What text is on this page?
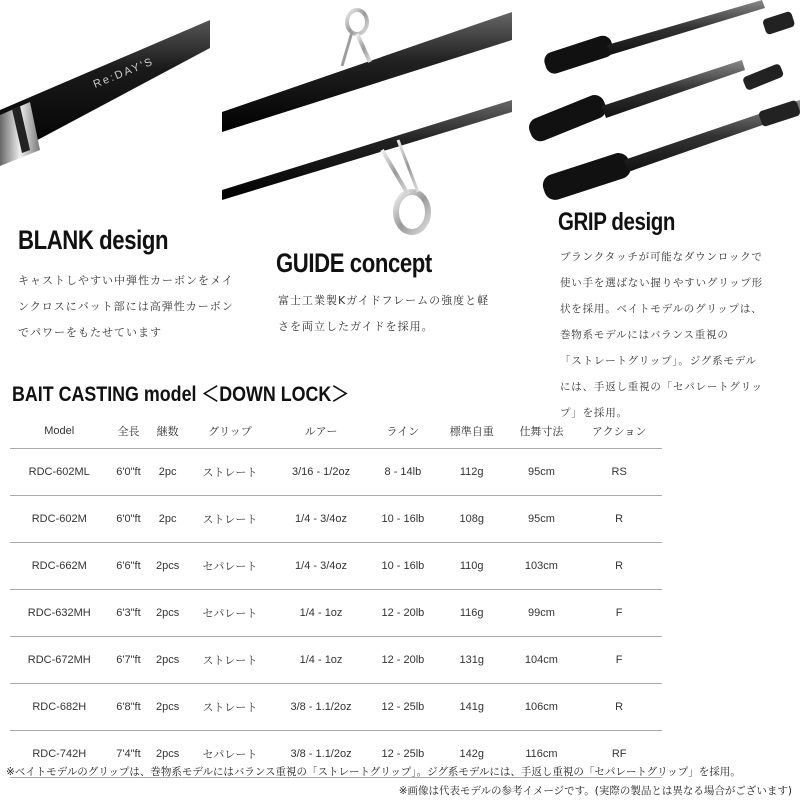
Re:DAY'S
BLANK design
GUIDE concept
GRIP design
キャストしやすい中弾性カーボンをメイ
ンクロスにバット部には高弾性カーボン
でパワーをもたせています
富士工業製Kガイドフレームの強度と軽
さを両立したガイドを採用。
ブランクタッチが可能なダウンロックで
使い手を選ばない握りやすいグリップ形
状を採用。ベイトモデルのグリップは、
巻物系モデルにはバランス重視の
「ストレートグリップ」。ジグ系モデル
には、手返し重視の「セパレートグリッ
プ」を採用。
BAIT CASTING model ＜DOWN LOCK＞
Model	全長	継数	グリップ	ルアー	ライン	標準自重	仕舞寸法	アクション
RDC-602ML	6'0"ft	2pc	ストレート	3/16 - 1/2oz	8 - 14lb	112g	95cm	RS
RDC-602M	6'0"ft	2pc	ストレート	1/4 - 3/4oz	10 - 16lb	108g	95cm	R
RDC-662M	6'6"ft	2pcs	セパレート	1/4 - 3/4oz	10 - 16lb	110g	103cm	R
RDC-632MH	6'3"ft	2pcs	セパレート	1/4 - 1oz	12 - 20lb	116g	99cm	F
RDC-672MH	6'7"ft	2pcs	ストレート	1/4 - 1oz	12 - 20lb	131g	104cm	F
RDC-682H	6'8"ft	2pcs	ストレート	3/8 - 1.1/2oz	12 - 25lb	141g	106cm	R
RDC-742H	7'4"ft	2pcs	セパレート	3/8 - 1.1/2oz	12 - 25lb	142g	116cm	RF
※ベイトモデルのグリップは、巻物系モデルにはバランス重視の「ストレートグリップ」。ジグ系モデルには、手返し重視の「セパレートグリップ」を採用。
※画像は代表モデルの参考イメージです。(実際の製品とは異なる場合がございます)
